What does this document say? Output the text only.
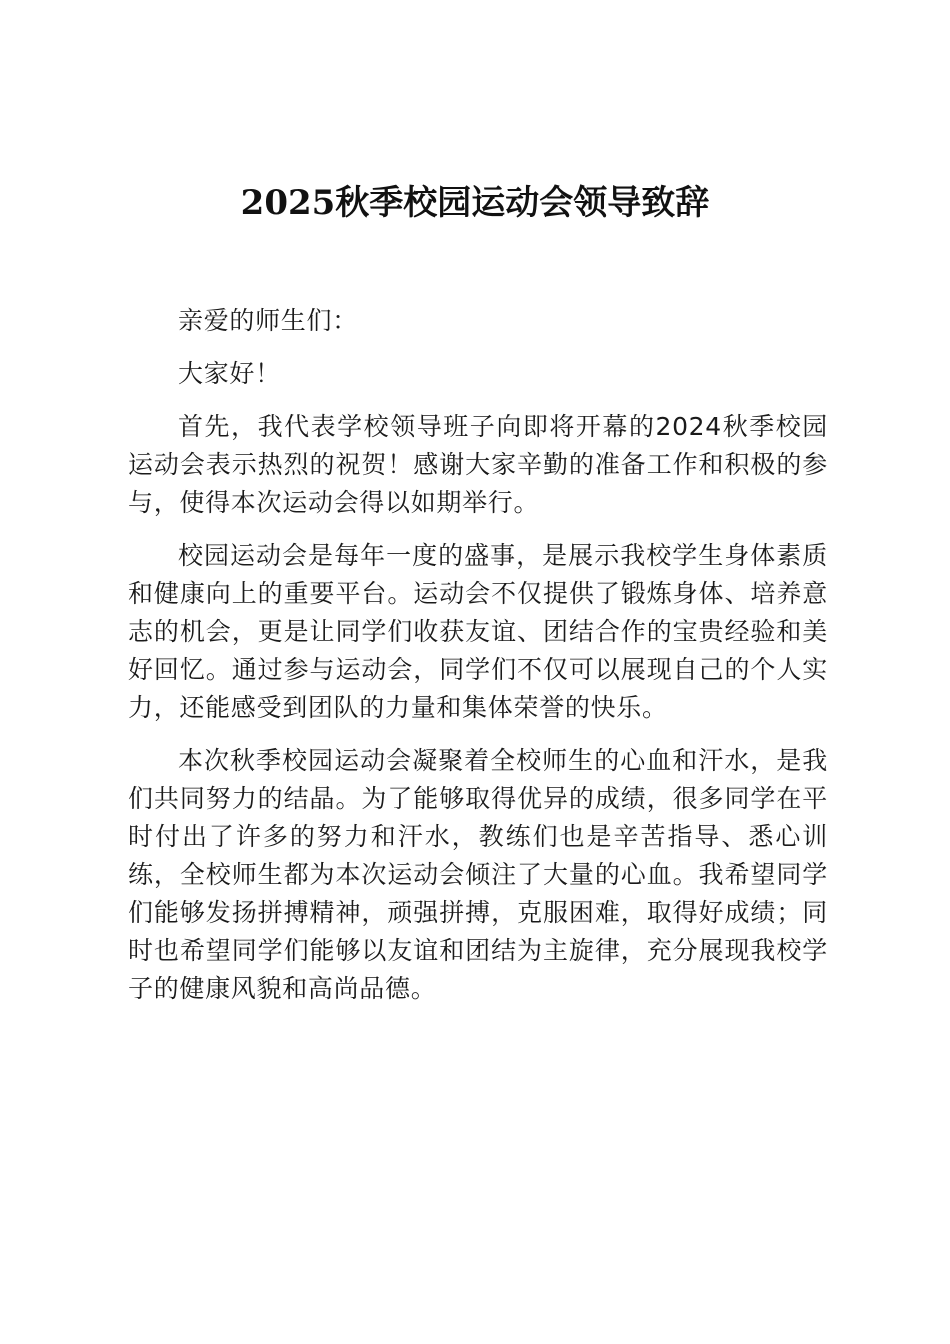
2025秋季校园运动会领导致辞

亲爱的师生们：

大家好！

首先，我代表学校领导班子向即将开幕的2024秋季校园运动会表示热烈的祝贺！感谢大家辛勤的准备工作和积极的参与，使得本次运动会得以如期举行。

校园运动会是每年一度的盛事，是展示我校学生身体素质和健康向上的重要平台。运动会不仅提供了锻炼身体、培养意志的机会，更是让同学们收获友谊、团结合作的宝贵经验和美好回忆。通过参与运动会，同学们不仅可以展现自己的个人实力，还能感受到团队的力量和集体荣誉的快乐。

本次秋季校园运动会凝聚着全校师生的心血和汗水，是我们共同努力的结晶。为了能够取得优异的成绩，很多同学在平时付出了许多的努力和汗水，教练们也是辛苦指导、悉心训练，全校师生都为本次运动会倾注了大量的心血。我希望同学们能够发扬拼搏精神，顽强拼搏，克服困难，取得好成绩；同时也希望同学们能够以友谊和团结为主旋律，充分展现我校学子的健康风貌和高尚品德。
